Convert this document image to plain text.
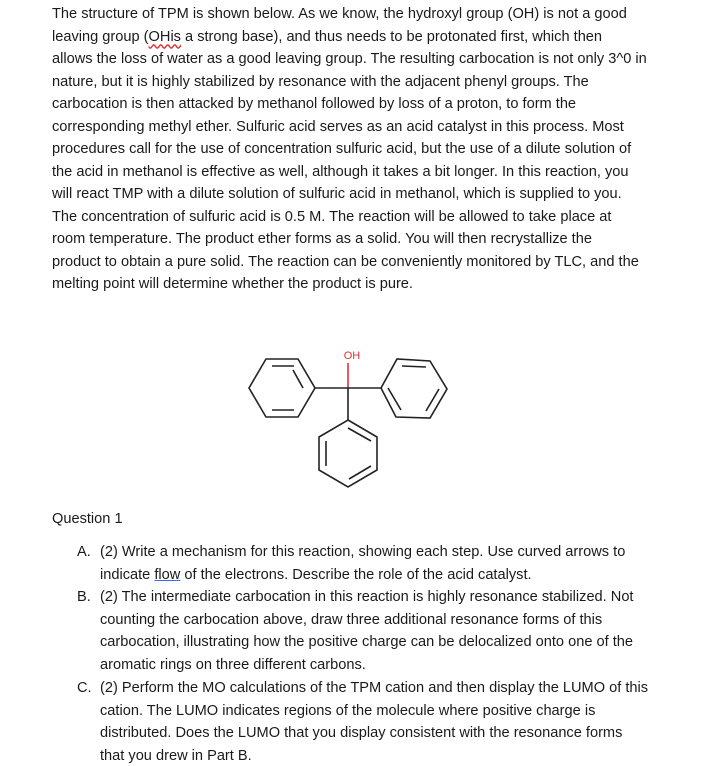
The structure of TPM is shown below. As we know, the hydroxyl group (OH) is not a good
leaving group (OHis a strong base), and thus needs to be protonated first, which then
allows the loss of water as a good leaving group. The resulting carbocation is not only 3^0 in
nature, but it is highly stabilized by resonance with the adjacent phenyl groups. The
carbocation is then attacked by methanol followed by loss of a proton, to form the
corresponding methyl ether. Sulfuric acid serves as an acid catalyst in this process. Most
procedures call for the use of concentration sulfuric acid, but the use of a dilute solution of
the acid in methanol is effective as well, although it takes a bit longer. In this reaction, you
will react TMP with a dilute solution of sulfuric acid in methanol, which is supplied to you.
The concentration of sulfuric acid is 0.5 M. The reaction will be allowed to take place at
room temperature. The product ether forms as a solid. You will then recrystallize the
product to obtain a pure solid. The reaction can be conveniently monitored by TLC, and the
melting point will determine whether the product is pure.
OH
Question 1
A. (2) Write a mechanism for this reaction, showing each step. Use curved arrows to
indicate flow of the electrons. Describe the role of the acid catalyst.
B. (2) The intermediate carbocation in this reaction is highly resonance stabilized. Not
counting the carbocation above, draw three additional resonance forms of this
carbocation, illustrating how the positive charge can be delocalized onto one of the
aromatic rings on three different carbons.
C. (2) Perform the MO calculations of the TPM cation and then display the LUMO of this
cation. The LUMO indicates regions of the molecule where positive charge is
distributed. Does the LUMO that you display consistent with the resonance forms
that you drew in Part B.
